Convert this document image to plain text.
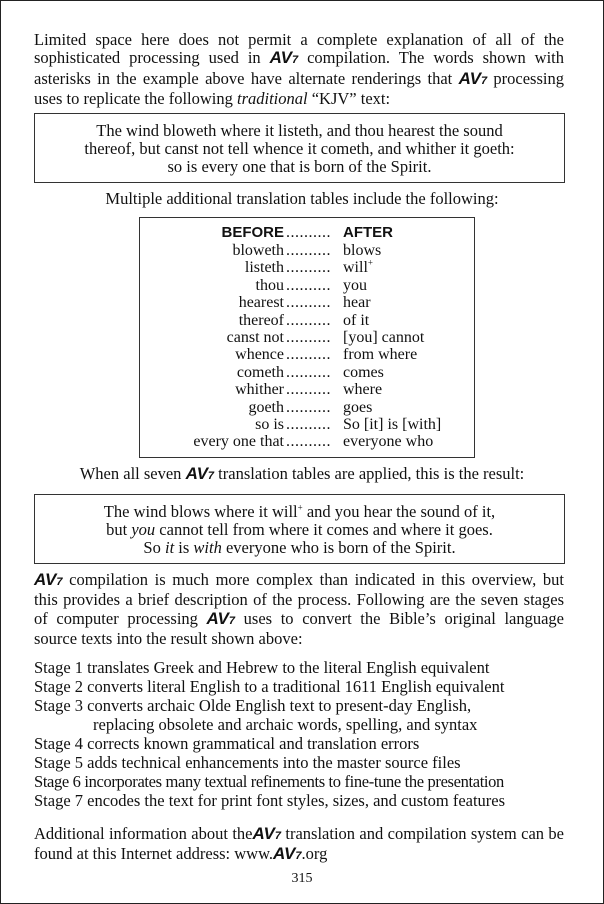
Limited space here does not permit a complete explanation of all of the sophisticated processing used in AV7 compilation. The words shown with asterisks in the example above have alternate renderings that AV7 processing uses to replicate the following traditional “KJV” text:
The wind bloweth where it listeth, and thou hearest the sound
thereof, but canst not tell whence it cometh, and whither it goeth:
so is every one that is born of the Spirit.
Multiple additional translation tables include the following:
BEFORE .......... AFTER
bloweth .......... blows
listeth .......... will+
thou .......... you
hearest .......... hear
thereof .......... of it
canst not .......... [you] cannot
whence .......... from where
cometh .......... comes
whither .......... where
goeth .......... goes
so is .......... So [it] is [with]
every one that .......... everyone who
When all seven AV7 translation tables are applied, this is the result:
The wind blows where it will+ and you hear the sound of it,
but you cannot tell from where it comes and where it goes.
So it is with everyone who is born of the Spirit.
AV7 compilation is much more complex than indicated in this overview, but this provides a brief description of the process. Following are the seven stages of computer processing AV7 uses to convert the Bible’s original language source texts into the result shown above:
Stage 1 translates Greek and Hebrew to the literal English equivalent
Stage 2 converts literal English to a traditional 1611 English equivalent
Stage 3 converts archaic Olde English text to present-day English,
replacing obsolete and archaic words, spelling, and syntax
Stage 4 corrects known grammatical and translation errors
Stage 5 adds technical enhancements into the master source files
Stage 6 incorporates many textual refinements to fine-tune the presentation
Stage 7 encodes the text for print font styles, sizes, and custom features
Additional information about theAV7 translation and compilation system can be found at this Internet address: www.AV7.org
315
